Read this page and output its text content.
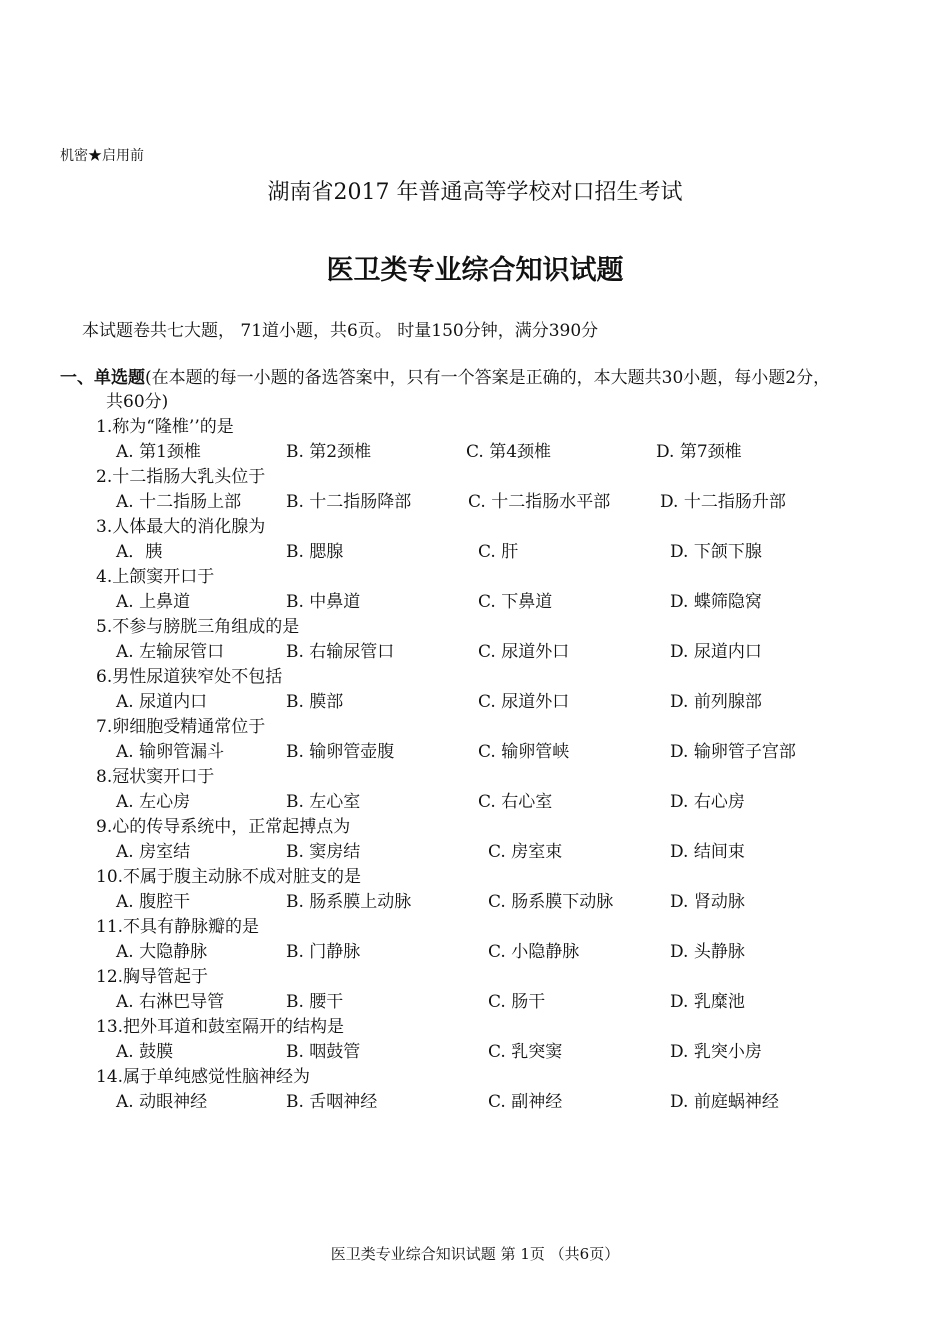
机密★启用前
湖南省2017 年普通高等学校对口招生考试
医卫类专业综合知识试题
本试题卷共七大题， 71道小题，共6页。 时量150分钟，满分390分
一、单选题(在本题的每一小题的备选答案中，只有一个答案是正确的，本大题共30小题，每小题2分，
共60分)
1.称为“隆椎’’的是
A. 第1颈椎	B. 第2颈椎	C. 第4颈椎	D. 第7颈椎
2.十二指肠大乳头位于
A. 十二指肠上部	B. 十二指肠降部	C. 十二指肠水平部	D. 十二指肠升部
3.人体最大的消化腺为
A．胰	B. 腮腺	C. 肝	D. 下颌下腺
4.上颌窦开口于
A. 上鼻道	B. 中鼻道	C. 下鼻道	D. 蝶筛隐窝
5.不参与膀胱三角组成的是
A. 左输尿管口	B. 右输尿管口	C. 尿道外口	D. 尿道内口
6.男性尿道狭窄处不包括
A. 尿道内口	B. 膜部	C. 尿道外口	D. 前列腺部
7.卵细胞受精通常位于
A. 输卵管漏斗	B. 输卵管壶腹	C. 输卵管峡	D. 输卵管子宫部
8.冠状窦开口于
A. 左心房	B. 左心室	C. 右心室	D. 右心房
9.心的传导系统中，正常起搏点为
A. 房室结	B. 窦房结	C. 房室束	D. 结间束
10.不属于腹主动脉不成对脏支的是
A. 腹腔干	B. 肠系膜上动脉	C. 肠系膜下动脉	D. 肾动脉
11.不具有静脉瓣的是
A. 大隐静脉	B. 门静脉	C. 小隐静脉	D. 头静脉
12.胸导管起于
A. 右淋巴导管	B. 腰干	C. 肠干	D. 乳糜池
13.把外耳道和鼓室隔开的结构是
A. 鼓膜	B. 咽鼓管	C. 乳突窦	D. 乳突小房
14.属于单纯感觉性脑神经为
A. 动眼神经	B. 舌咽神经	C. 副神经	D. 前庭蜗神经
医卫类专业综合知识试题 第 1页 （共6页）
